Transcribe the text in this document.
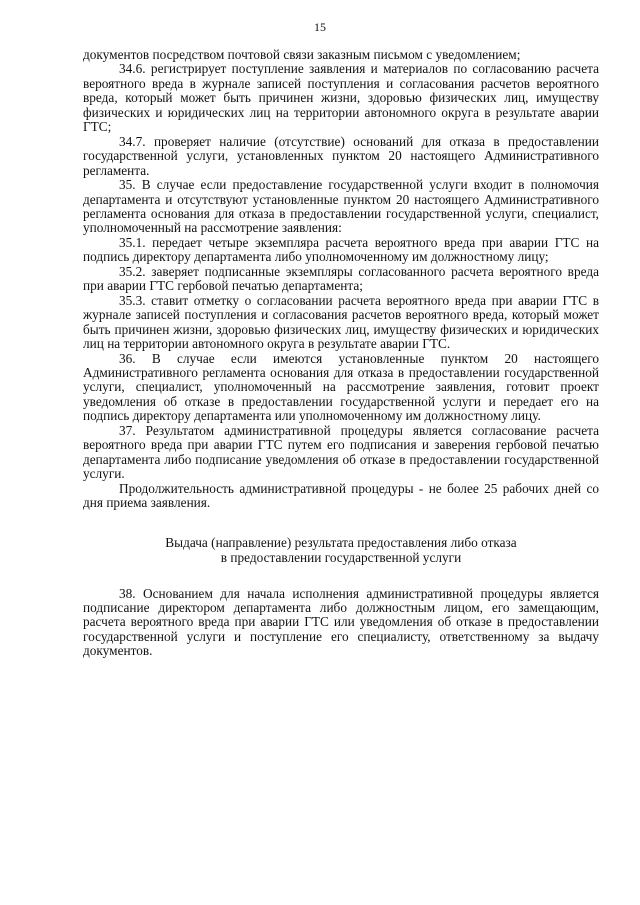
15

документов посредством почтовой связи заказным письмом с уведомлением;

34.6. регистрирует поступление заявления и материалов по согласованию расчета вероятного вреда в журнале записей поступления и согласования расчетов вероятного вреда, который может быть причинен жизни, здоровью физических лиц, имуществу физических и юридических лиц на территории автономного округа в результате аварии ГТС;

34.7. проверяет наличие (отсутствие) оснований для отказа в предоставлении государственной услуги, установленных пунктом 20 настоящего Административного регламента.

35. В случае если предоставление государственной услуги входит в полномочия департамента и отсутствуют установленные пунктом 20 настоящего Административного регламента основания для отказа в предоставлении государственной услуги, специалист, уполномоченный на рассмотрение заявления:

35.1. передает четыре экземпляра расчета вероятного вреда при аварии ГТС на подпись директору департамента либо уполномоченному им должностному лицу;

35.2. заверяет подписанные экземпляры согласованного расчета вероятного вреда при аварии ГТС гербовой печатью департамента;

35.3. ставит отметку о согласовании расчета вероятного вреда при аварии ГТС в журнале записей поступления и согласования расчетов вероятного вреда, который может быть причинен жизни, здоровью физических лиц, имуществу физических и юридических лиц на территории автономного округа в результате аварии ГТС.

36. В случае если имеются установленные пунктом 20 настоящего Административного регламента основания для отказа в предоставлении государственной услуги, специалист, уполномоченный на рассмотрение заявления, готовит проект уведомления об отказе в предоставлении государственной услуги и передает его на подпись директору департамента или уполномоченному им должностному лицу.

37. Результатом административной процедуры является согласование расчета вероятного вреда при аварии ГТС путем его подписания и заверения гербовой печатью департамента либо подписание уведомления об отказе в предоставлении государственной услуги.

Продолжительность административной процедуры - не более 25 рабочих дней со дня приема заявления.

Выдача (направление) результата предоставления либо отказа
в предоставлении государственной услуги

38. Основанием для начала исполнения административной процедуры является подписание директором департамента либо должностным лицом, его замещающим, расчета вероятного вреда при аварии ГТС или уведомления об отказе в предоставлении государственной услуги и поступление его специалисту, ответственному за выдачу документов.
